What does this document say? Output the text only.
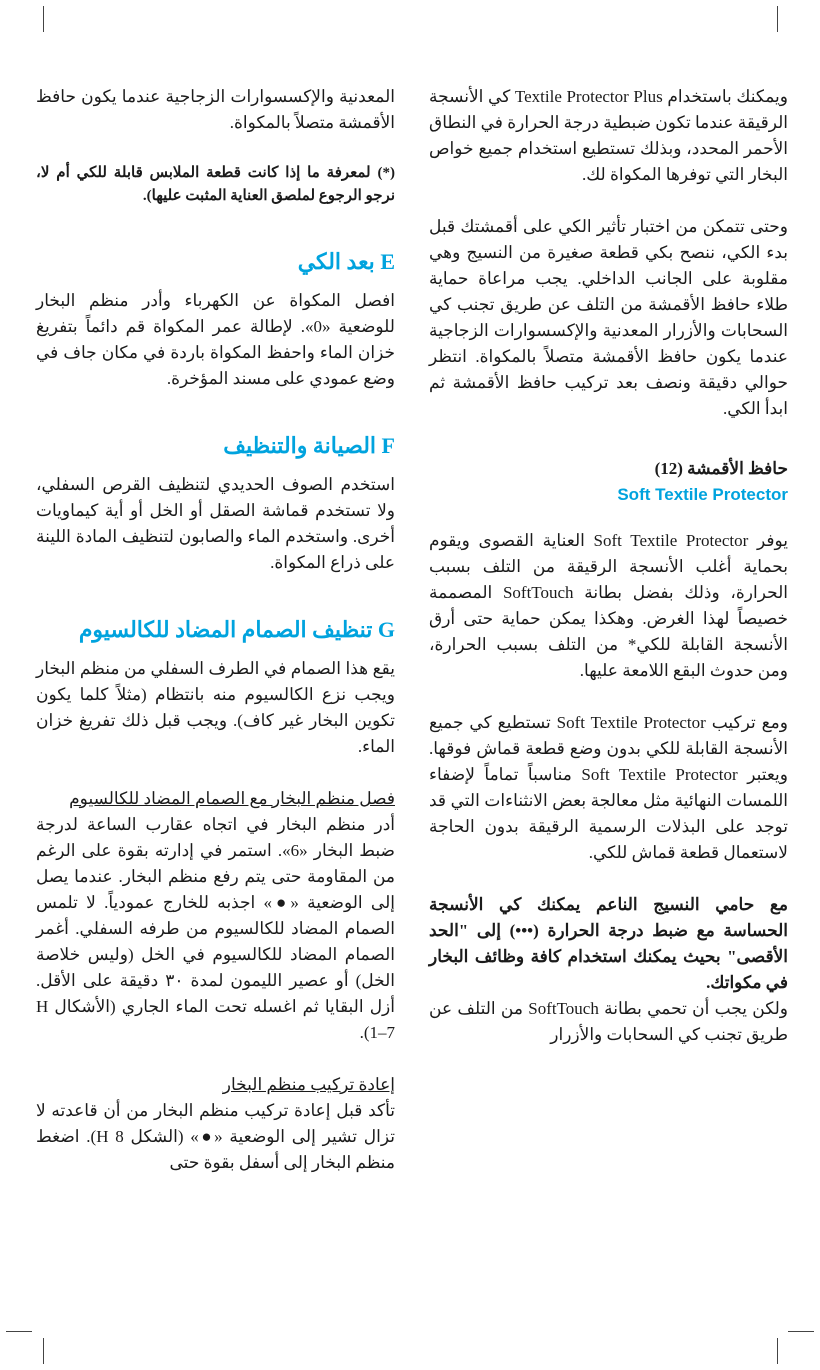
المعدنية والإكسسوارات الزجاجية عندما يكون حافظ الأقمشة متصلاً بالمكواة.

(*) لمعرفة ما إذا كانت قطعة الملابس قابلة للكي أم لا، نرجو الرجوع لملصق العناية المثبت عليها).

E بعد الكي

افصل المكواة عن الكهرباء وأدر منظم البخار للوضعية «0». لإطالة عمر المكواة قم دائماً بتفريغ خزان الماء واحفظ المكواة باردة في مكان جاف في وضع عمودي على مسند المؤخرة.

F الصيانة والتنظيف

استخدم الصوف الحديدي لتنظيف القرص السفلي، ولا تستخدم قماشة الصقل أو الخل أو أية كيماويات أخرى. واستخدم الماء والصابون لتنظيف المادة اللينة على ذراع المكواة.

G تنظيف الصمام المضاد للكالسيوم

يقع هذا الصمام في الطرف السفلي من منظم البخار ويجب نزع الكالسيوم منه بانتظام (مثلاً كلما يكون تكوين البخار غير كاف). ويجب قبل ذلك تفريغ خزان الماء.

فصل منظم البخار مع الصمام المضاد للكالسيوم

أدر منظم البخار في اتجاه عقارب الساعة لدرجة ضبط البخار «6». استمر في إدارته بقوة على الرغم من المقاومة حتى يتم رفع منظم البخار. عندما يصل إلى الوضعية «●» اجذبه للخارج عمودياً. لا تلمس الصمام المضاد للكالسيوم من طرفه السفلي. أغمر الصمام المضاد للكالسيوم في الخل (وليس خلاصة الخل) أو عصير الليمون لمدة ٣٠ دقيقة على الأقل. أزل البقايا ثم اغسله تحت الماء الجاري (الأشكال H 1–7).

إعادة تركيب منظم البخار

تأكد قبل إعادة تركيب منظم البخار من أن قاعدته لا تزال تشير إلى الوضعية «●» (الشكل H 8). اضغط منظم البخار إلى أسفل بقوة حتى

ويمكنك باستخدام Textile Protector Plus كي الأنسجة الرقيقة عندما تكون ضبطية درجة الحرارة في النطاق الأحمر المحدد، وبذلك تستطيع استخدام جميع خواص البخار التي توفرها المكواة لك.

وحتى تتمكن من اختبار تأثير الكي على أقمشتك قبل بدء الكي، ننصح بكي قطعة صغيرة من النسيج وهي مقلوبة على الجانب الداخلي. يجب مراعاة حماية طلاء حافظ الأقمشة من التلف عن طريق تجنب كي السحابات والأزرار المعدنية والإكسسوارات الزجاجية عندما يكون حافظ الأقمشة متصلاً بالمكواة. انتظر حوالي دقيقة ونصف بعد تركيب حافظ الأقمشة ثم ابدأ الكي.

حافظ الأقمشة (12)

Soft Textile Protector

يوفر Soft Textile Protector العناية القصوى ويقوم بحماية أغلب الأنسجة الرقيقة من التلف بسبب الحرارة، وذلك بفضل بطانة SoftTouch المصممة خصيصاً لهذا الغرض. وهكذا يمكن حماية حتى أرق الأنسجة القابلة للكي* من التلف بسبب الحرارة، ومن حدوث البقع اللامعة عليها.

ومع تركيب Soft Textile Protector تستطيع كي جميع الأنسجة القابلة للكي بدون وضع قطعة قماش فوقها. ويعتبر Soft Textile Protector مناسباً تماماً لإضفاء اللمسات النهائية مثل معالجة بعض الانثناءات التي قد توجد على البذلات الرسمية الرقيقة بدون الحاجة لاستعمال قطعة قماش للكي.

مع حامي النسيج الناعم يمكنك كي الأنسجة الحساسة مع ضبط درجة الحرارة (•••) إلى "الحد الأقصى" بحيث يمكنك استخدام كافة وظائف البخار في مكواتك.

ولكن يجب أن تحمي بطانة SoftTouch من التلف عن طريق تجنب كي السحابات والأزرار
